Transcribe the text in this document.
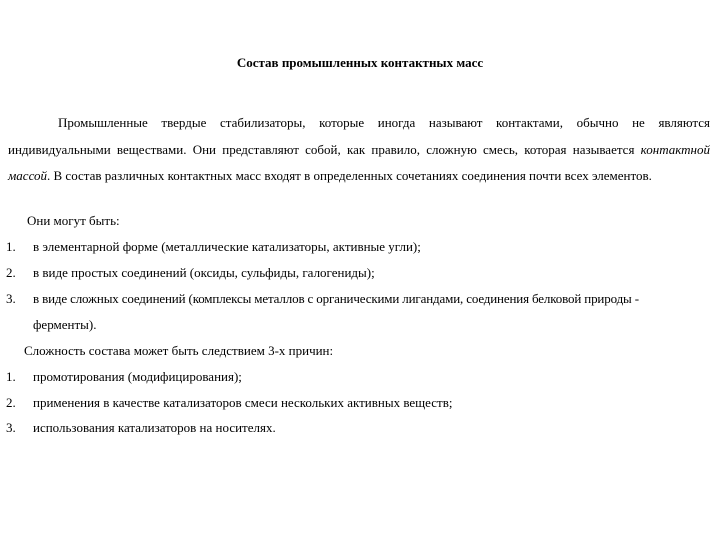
Состав промышленных контактных масс
Промышленные твердые стабилизаторы, которые иногда называют контактами, обычно не являются индивидуальными веществами. Они представляют собой, как правило, сложную смесь, которая называется контактной массой. В состав различных контактных масс входят в определенных сочетаниях соединения почти всех элементов.
Они могут быть:
1. в элементарной форме (металлические катализаторы, активные угли);
2. в виде простых соединений (оксиды, сульфиды, галогениды);
3. в виде сложных соединений (комплексы металлов с органическими лигандами, соединения белковой природы -
ферменты).
Сложность состава может быть следствием 3-х причин:
1. промотирования (модифицирования);
2. применения в качестве катализаторов смеси нескольких активных веществ;
3. использования катализаторов на носителях.
